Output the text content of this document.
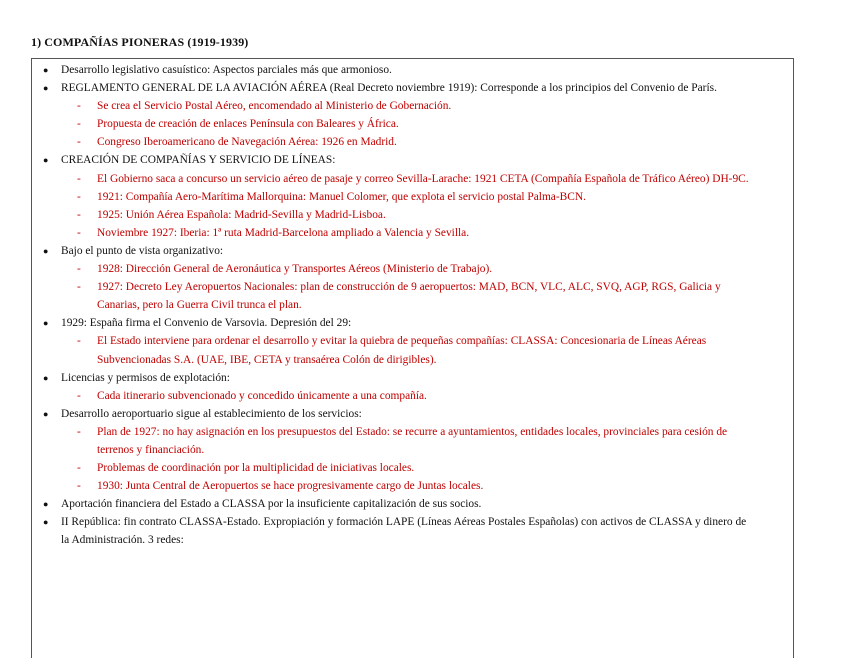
1) COMPAÑÍAS PIONERAS (1919-1939)
● Desarrollo legislativo casuístico: Aspectos parciales más que armonioso.
● REGLAMENTO GENERAL DE LA AVIACIÓN AÉREA (Real Decreto noviembre 1919): Corresponde a los principios del Convenio de París.
- Se crea el Servicio Postal Aéreo, encomendado al Ministerio de Gobernación.
- Propuesta de creación de enlaces Península con Baleares y África.
- Congreso Iberoamericano de Navegación Aérea: 1926 en Madrid.
● CREACIÓN DE COMPAÑÍAS Y SERVICIO DE LÍNEAS:
- El Gobierno saca a concurso un servicio aéreo de pasaje y correo Sevilla-Larache: 1921 CETA (Compañía Española de Tráfico Aéreo) DH-9C.
- 1921: Compañía Aero-Marítima Mallorquina: Manuel Colomer, que explota el servicio postal Palma-BCN.
- 1925: Unión Aérea Española: Madrid-Sevilla y Madrid-Lisboa.
- Noviembre 1927: Iberia: 1ª ruta Madrid-Barcelona ampliado a Valencia y Sevilla.
● Bajo el punto de vista organizativo:
- 1928: Dirección General de Aeronáutica y Transportes Aéreos (Ministerio de Trabajo).
- 1927: Decreto Ley Aeropuertos Nacionales: plan de construcción de 9 aeropuertos: MAD, BCN, VLC, ALC, SVQ, AGP, RGS, Galicia y
Canarias, pero la Guerra Civil trunca el plan.
● 1929: España firma el Convenio de Varsovia. Depresión del 29:
- El Estado interviene para ordenar el desarrollo y evitar la quiebra de pequeñas compañías: CLASSA: Concesionaria de Líneas Aéreas
Subvencionadas S.A. (UAE, IBE, CETA y transaérea Colón de dirigibles).
● Licencias y permisos de explotación:
- Cada itinerario subvencionado y concedido únicamente a una compañía.
● Desarrollo aeroportuario sigue al establecimiento de los servicios:
- Plan de 1927: no hay asignación en los presupuestos del Estado: se recurre a ayuntamientos, entidades locales, provinciales para cesión de
terrenos y financiación.
- Problemas de coordinación por la multiplicidad de iniciativas locales.
- 1930: Junta Central de Aeropuertos se hace progresivamente cargo de Juntas locales.
● Aportación financiera del Estado a CLASSA por la insuficiente capitalización de sus socios.
● II República: fin contrato CLASSA-Estado. Expropiación y formación LAPE (Líneas Aéreas Postales Españolas) con activos de CLASSA y dinero de
la Administración. 3 redes:
